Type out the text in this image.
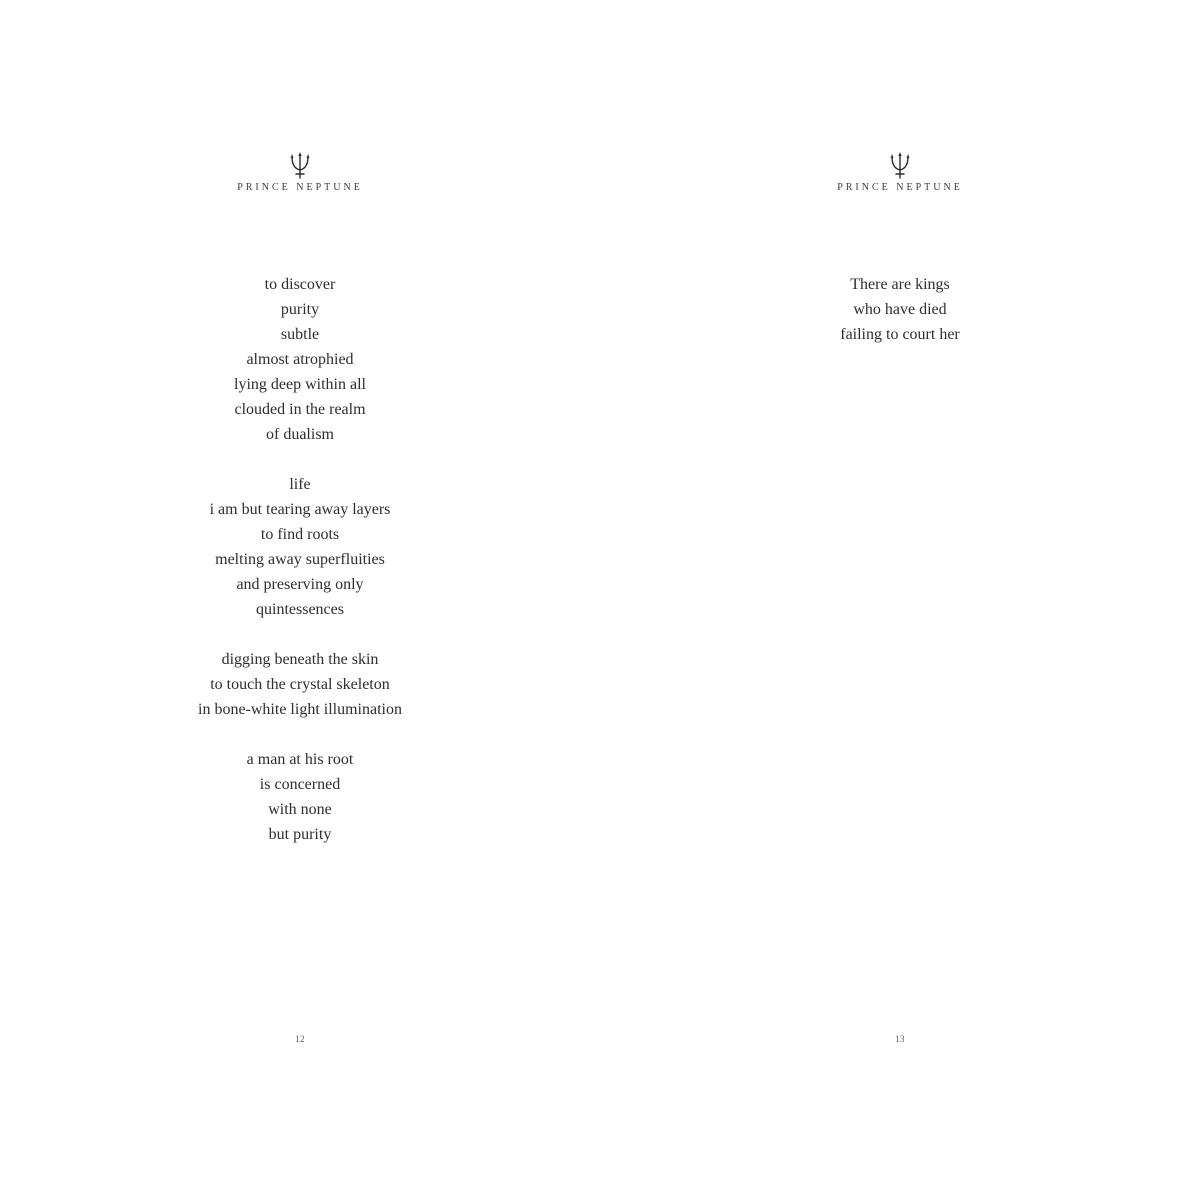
PRINCE NEPTUNE
to discover
purity
subtle
almost atrophied
lying deep within all
clouded in the realm
of dualism
life
i am but tearing away layers
to find roots
melting away superfluities
and preserving only
quintessences
digging beneath the skin
to touch the crystal skeleton
in bone-white light illumination
a man at his root
is concerned
with none
but purity
12
PRINCE NEPTUNE
There are kings
who have died
failing to court her
13
